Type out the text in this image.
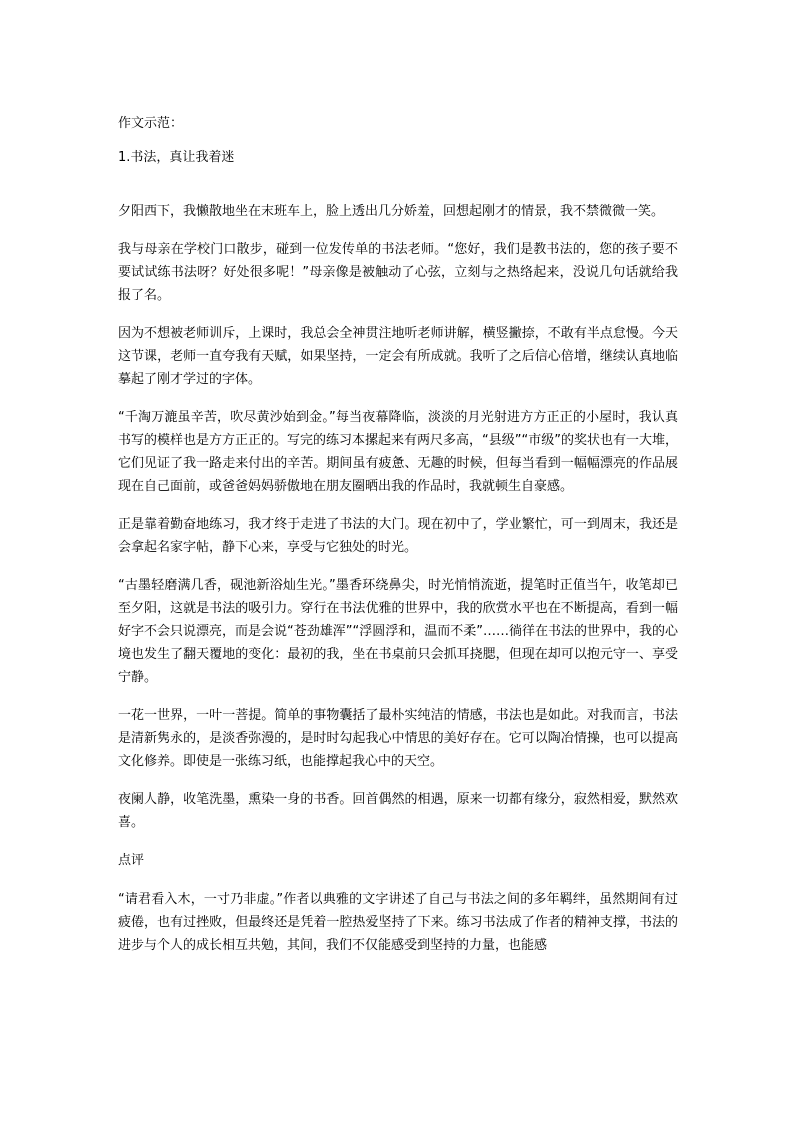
作文示范：

1.书法，真让我着迷

夕阳西下，我懒散地坐在末班车上，脸上透出几分娇羞，回想起刚才的情景，我不禁微微一笑。

我与母亲在学校门口散步，碰到一位发传单的书法老师。“您好，我们是教书法的，您的孩子要不要试试练书法呀？好处很多呢！”母亲像是被触动了心弦，立刻与之热络起来，没说几句话就给我报了名。

因为不想被老师训斥，上课时，我总会全神贯注地听老师讲解，横竖撇捺，不敢有半点怠慢。今天这节课，老师一直夸我有天赋，如果坚持，一定会有所成就。我听了之后信心倍增，继续认真地临摹起了刚才学过的字体。

“千淘万漉虽辛苦，吹尽黄沙始到金。”每当夜幕降临，淡淡的月光射进方方正正的小屋时，我认真书写的模样也是方方正正的。写完的练习本摞起来有两尺多高，“县级”“市级”的奖状也有一大堆，它们见证了我一路走来付出的辛苦。期间虽有疲惫、无趣的时候，但每当看到一幅幅漂亮的作品展现在自己面前，或爸爸妈妈骄傲地在朋友圈晒出我的作品时，我就顿生自豪感。

正是靠着勤奋地练习，我才终于走进了书法的大门。现在初中了，学业繁忙，可一到周末，我还是会拿起名家字帖，静下心来，享受与它独处的时光。

“古墨轻磨满几香，砚池新浴灿生光。”墨香环绕鼻尖，时光悄悄流逝，提笔时正值当午，收笔却已至夕阳，这就是书法的吸引力。穿行在书法优雅的世界中，我的欣赏水平也在不断提高，看到一幅好字不会只说漂亮，而是会说“苍劲雄浑”“浮圆浮和，温而不柔”……徜徉在书法的世界中，我的心境也发生了翻天覆地的变化：最初的我，坐在书桌前只会抓耳挠腮，但现在却可以抱元守一、享受宁静。

一花一世界，一叶一菩提。简单的事物囊括了最朴实纯洁的情感，书法也是如此。对我而言，书法是清新隽永的，是淡香弥漫的，是时时勾起我心中情思的美好存在。它可以陶冶情操，也可以提高文化修养。即使是一张练习纸，也能撑起我心中的天空。

夜阑人静，收笔洗墨，熏染一身的书香。回首偶然的相遇，原来一切都有缘分，寂然相爱，默然欢喜。

点评

“请君看入木，一寸乃非虚。”作者以典雅的文字讲述了自己与书法之间的多年羁绊，虽然期间有过疲倦，也有过挫败，但最终还是凭着一腔热爱坚持了下来。练习书法成了作者的精神支撑，书法的进步与个人的成长相互共勉，其间，我们不仅能感受到坚持的力量，也能感
